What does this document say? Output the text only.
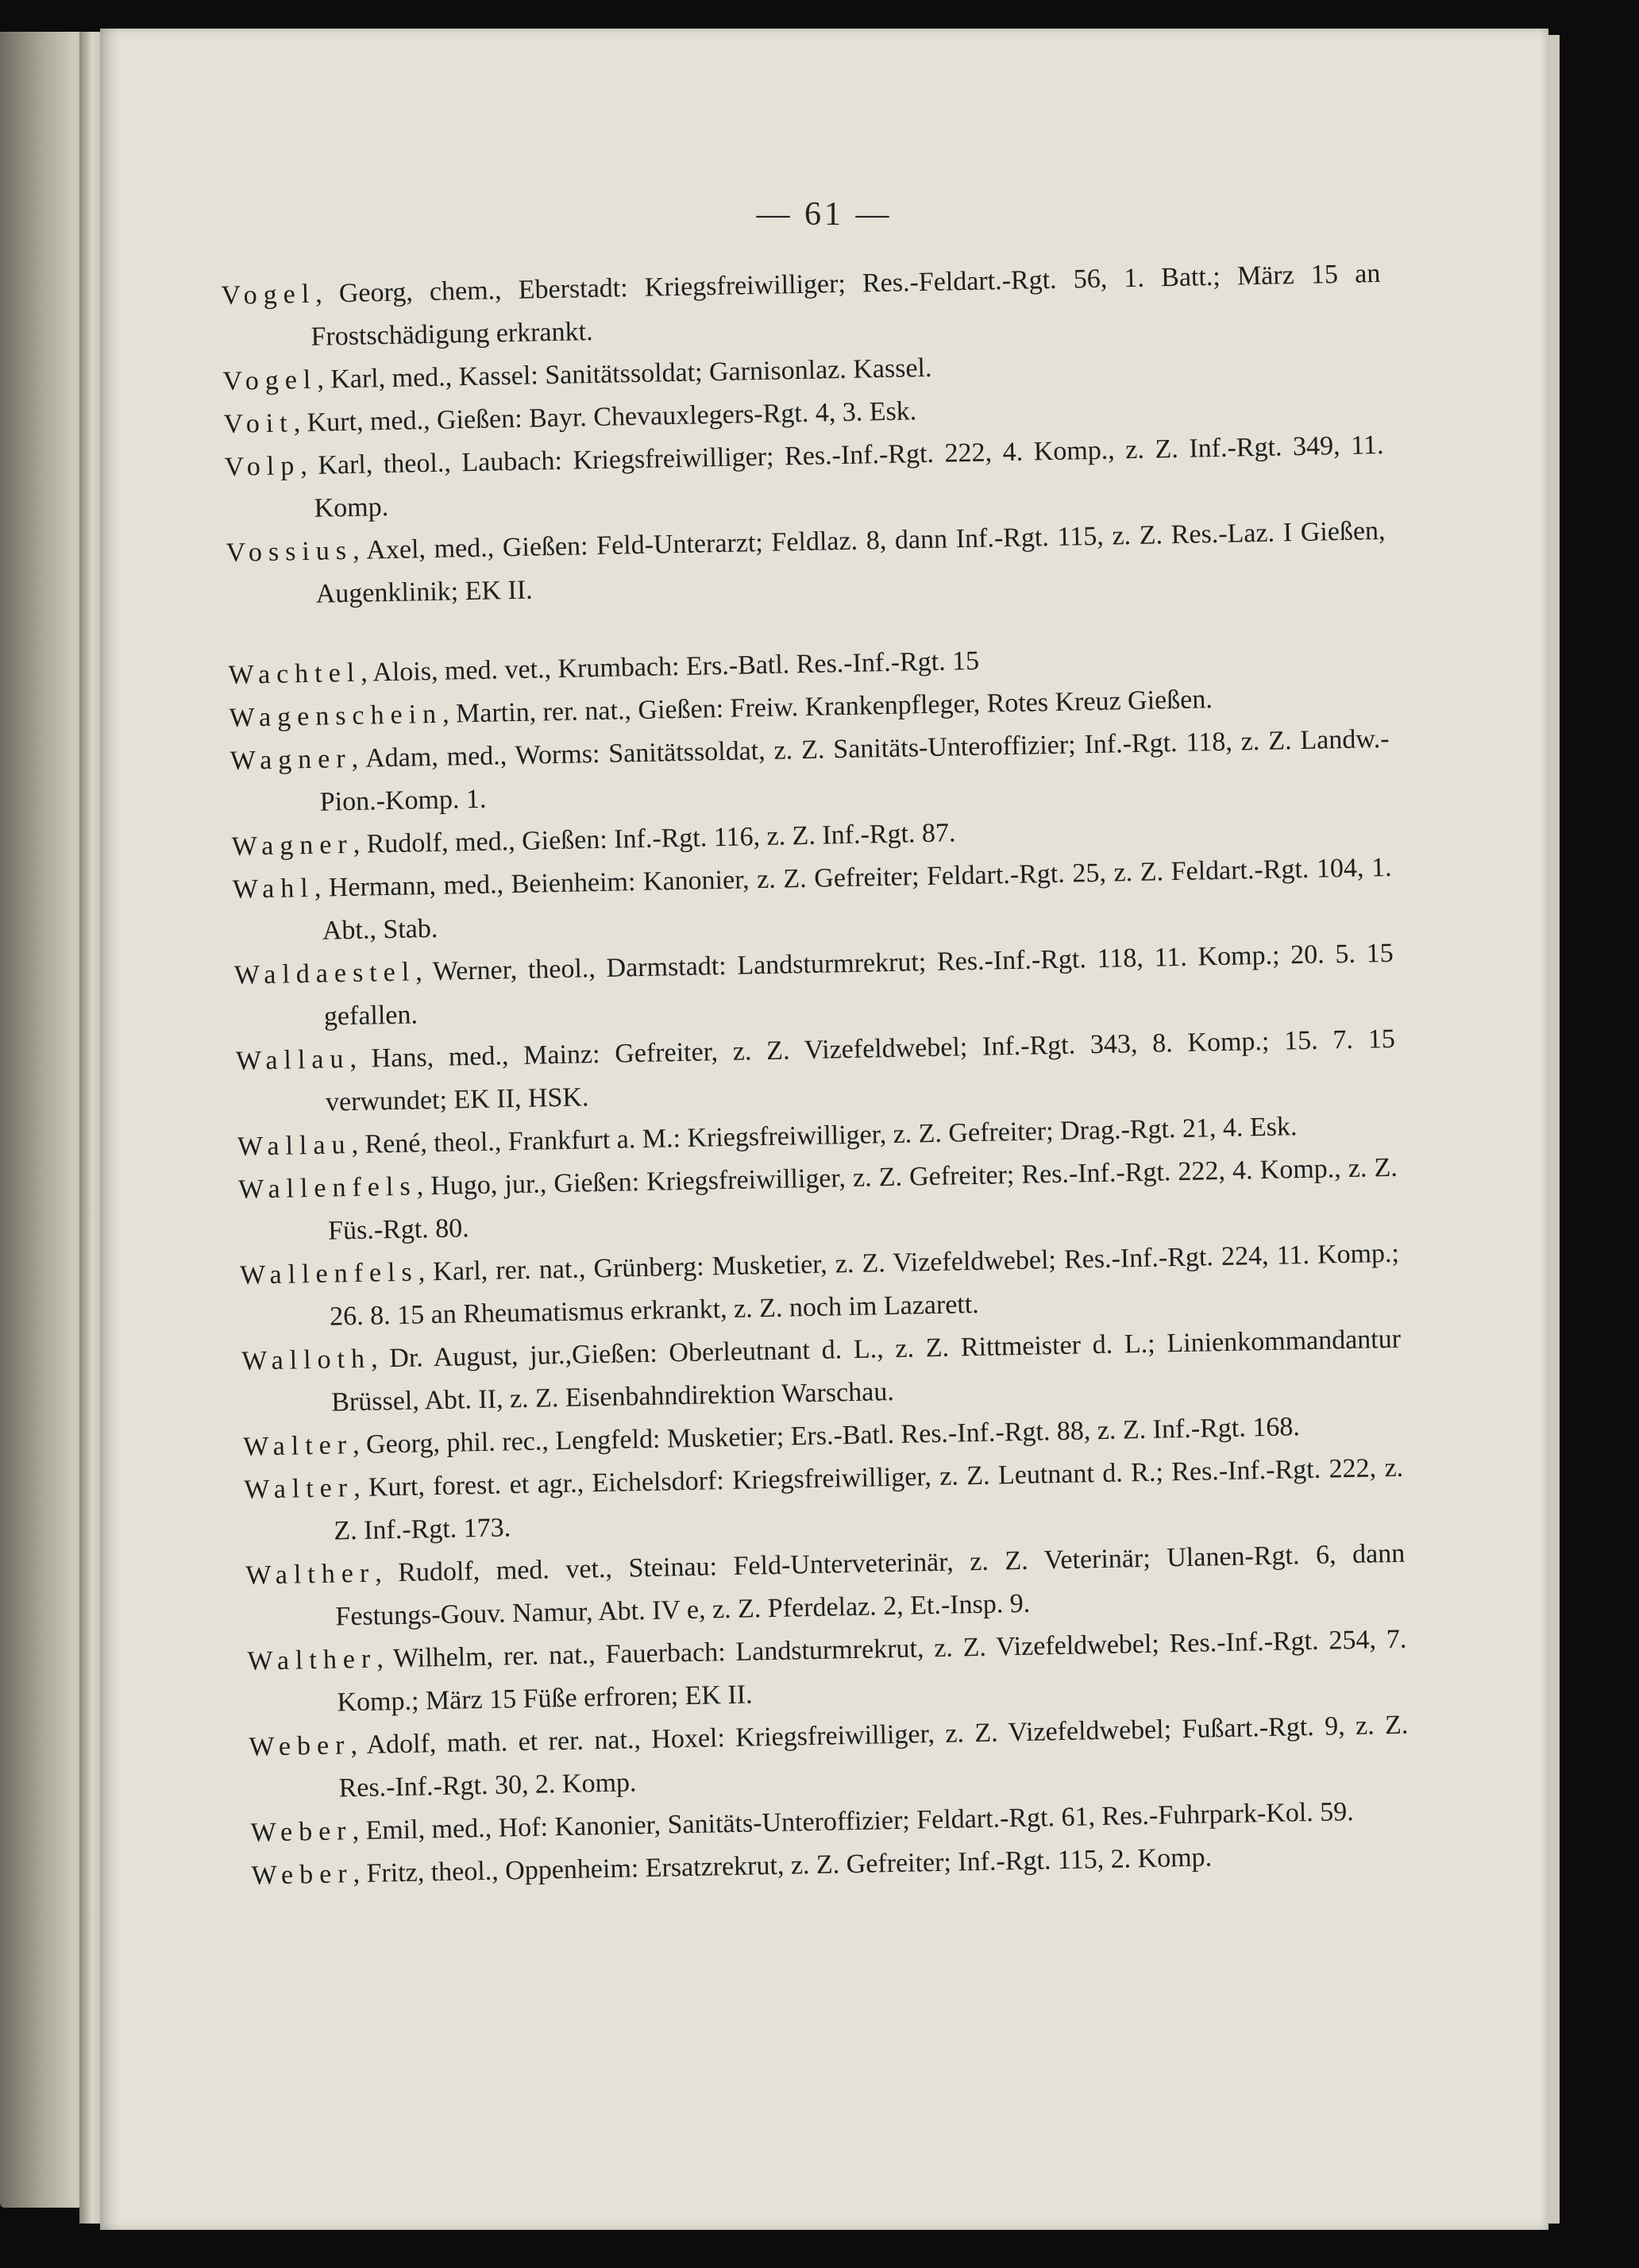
— 61 —

Vogel, Georg, chem., Eberstadt: Kriegsfreiwilliger; Res.-Feldart.-Rgt. 56, 1. Batt.; März 15 an Frostschädigung erkrankt.

Vogel, Karl, med., Kassel: Sanitätssoldat; Garnisonlaz. Kassel.

Voit, Kurt, med., Gießen: Bayr. Chevauxlegers-Rgt. 4, 3. Esk.

Volp, Karl, theol., Laubach: Kriegsfreiwilliger; Res.-Inf.-Rgt. 222, 4. Komp., z. Z. Inf.-Rgt. 349, 11. Komp.

Vossius, Axel, med., Gießen: Feld-Unterarzt; Feldlaz. 8, dann Inf.-Rgt. 115, z. Z. Res.-Laz. I Gießen, Augenklinik; EK II.

Wachtel, Alois, med. vet., Krumbach: Ers.-Batl. Res.-Inf.-Rgt. 15

Wagenschein, Martin, rer. nat., Gießen: Freiw. Krankenpfleger, Rotes Kreuz Gießen.

Wagner, Adam, med., Worms: Sanitätssoldat, z. Z. Sanitäts-Unteroffizier; Inf.-Rgt. 118, z. Z. Landw.-Pion.-Komp. 1.

Wagner, Rudolf, med., Gießen: Inf.-Rgt. 116, z. Z. Inf.-Rgt. 87.

Wahl, Hermann, med., Beienheim: Kanonier, z. Z. Gefreiter; Feldart.-Rgt. 25, z. Z. Feldart.-Rgt. 104, 1. Abt., Stab.

Waldaestel, Werner, theol., Darmstadt: Landsturmrekrut; Res.-Inf.-Rgt. 118, 11. Komp.; 20. 5. 15 gefallen.

Wallau, Hans, med., Mainz: Gefreiter, z. Z. Vizefeldwebel; Inf.-Rgt. 343, 8. Komp.; 15. 7. 15 verwundet; EK II, HSK.

Wallau, René, theol., Frankfurt a. M.: Kriegsfreiwilliger, z. Z. Gefreiter; Drag.-Rgt. 21, 4. Esk.

Wallenfels, Hugo, jur., Gießen: Kriegsfreiwilliger, z. Z. Gefreiter; Res.-Inf.-Rgt. 222, 4. Komp., z. Z. Füs.-Rgt. 80.

Wallenfels, Karl, rer. nat., Grünberg: Musketier, z. Z. Vizefeldwebel; Res.-Inf.-Rgt. 224, 11. Komp.; 26. 8. 15 an Rheumatismus erkrankt, z. Z. noch im Lazarett.

Walloth, Dr. August, jur.,Gießen: Oberleutnant d. L., z. Z. Rittmeister d. L.; Linienkommandantur Brüssel, Abt. II, z. Z. Eisenbahndirektion Warschau.

Walter, Georg, phil. rec., Lengfeld: Musketier; Ers.-Batl. Res.-Inf.-Rgt. 88, z. Z. Inf.-Rgt. 168.

Walter, Kurt, forest. et agr., Eichelsdorf: Kriegsfreiwilliger, z. Z. Leutnant d. R.; Res.-Inf.-Rgt. 222, z. Z. Inf.-Rgt. 173.

Walther, Rudolf, med. vet., Steinau: Feld-Unterveterinär, z. Z. Veterinär; Ulanen-Rgt. 6, dann Festungs-Gouv. Namur, Abt. IV e, z. Z. Pferdelaz. 2, Et.-Insp. 9.

Walther, Wilhelm, rer. nat., Fauerbach: Landsturmrekrut, z. Z. Vizefeldwebel; Res.-Inf.-Rgt. 254, 7. Komp.; März 15 Füße erfroren; EK II.

Weber, Adolf, math. et rer. nat., Hoxel: Kriegsfreiwilliger, z. Z. Vizefeldwebel; Fußart.-Rgt. 9, z. Z. Res.-Inf.-Rgt. 30, 2. Komp.

Weber, Emil, med., Hof: Kanonier, Sanitäts-Unteroffizier; Feldart.-Rgt. 61, Res.-Fuhrpark-Kol. 59.

Weber, Fritz, theol., Oppenheim: Ersatzrekrut, z. Z. Gefreiter; Inf.-Rgt. 115, 2. Komp.
